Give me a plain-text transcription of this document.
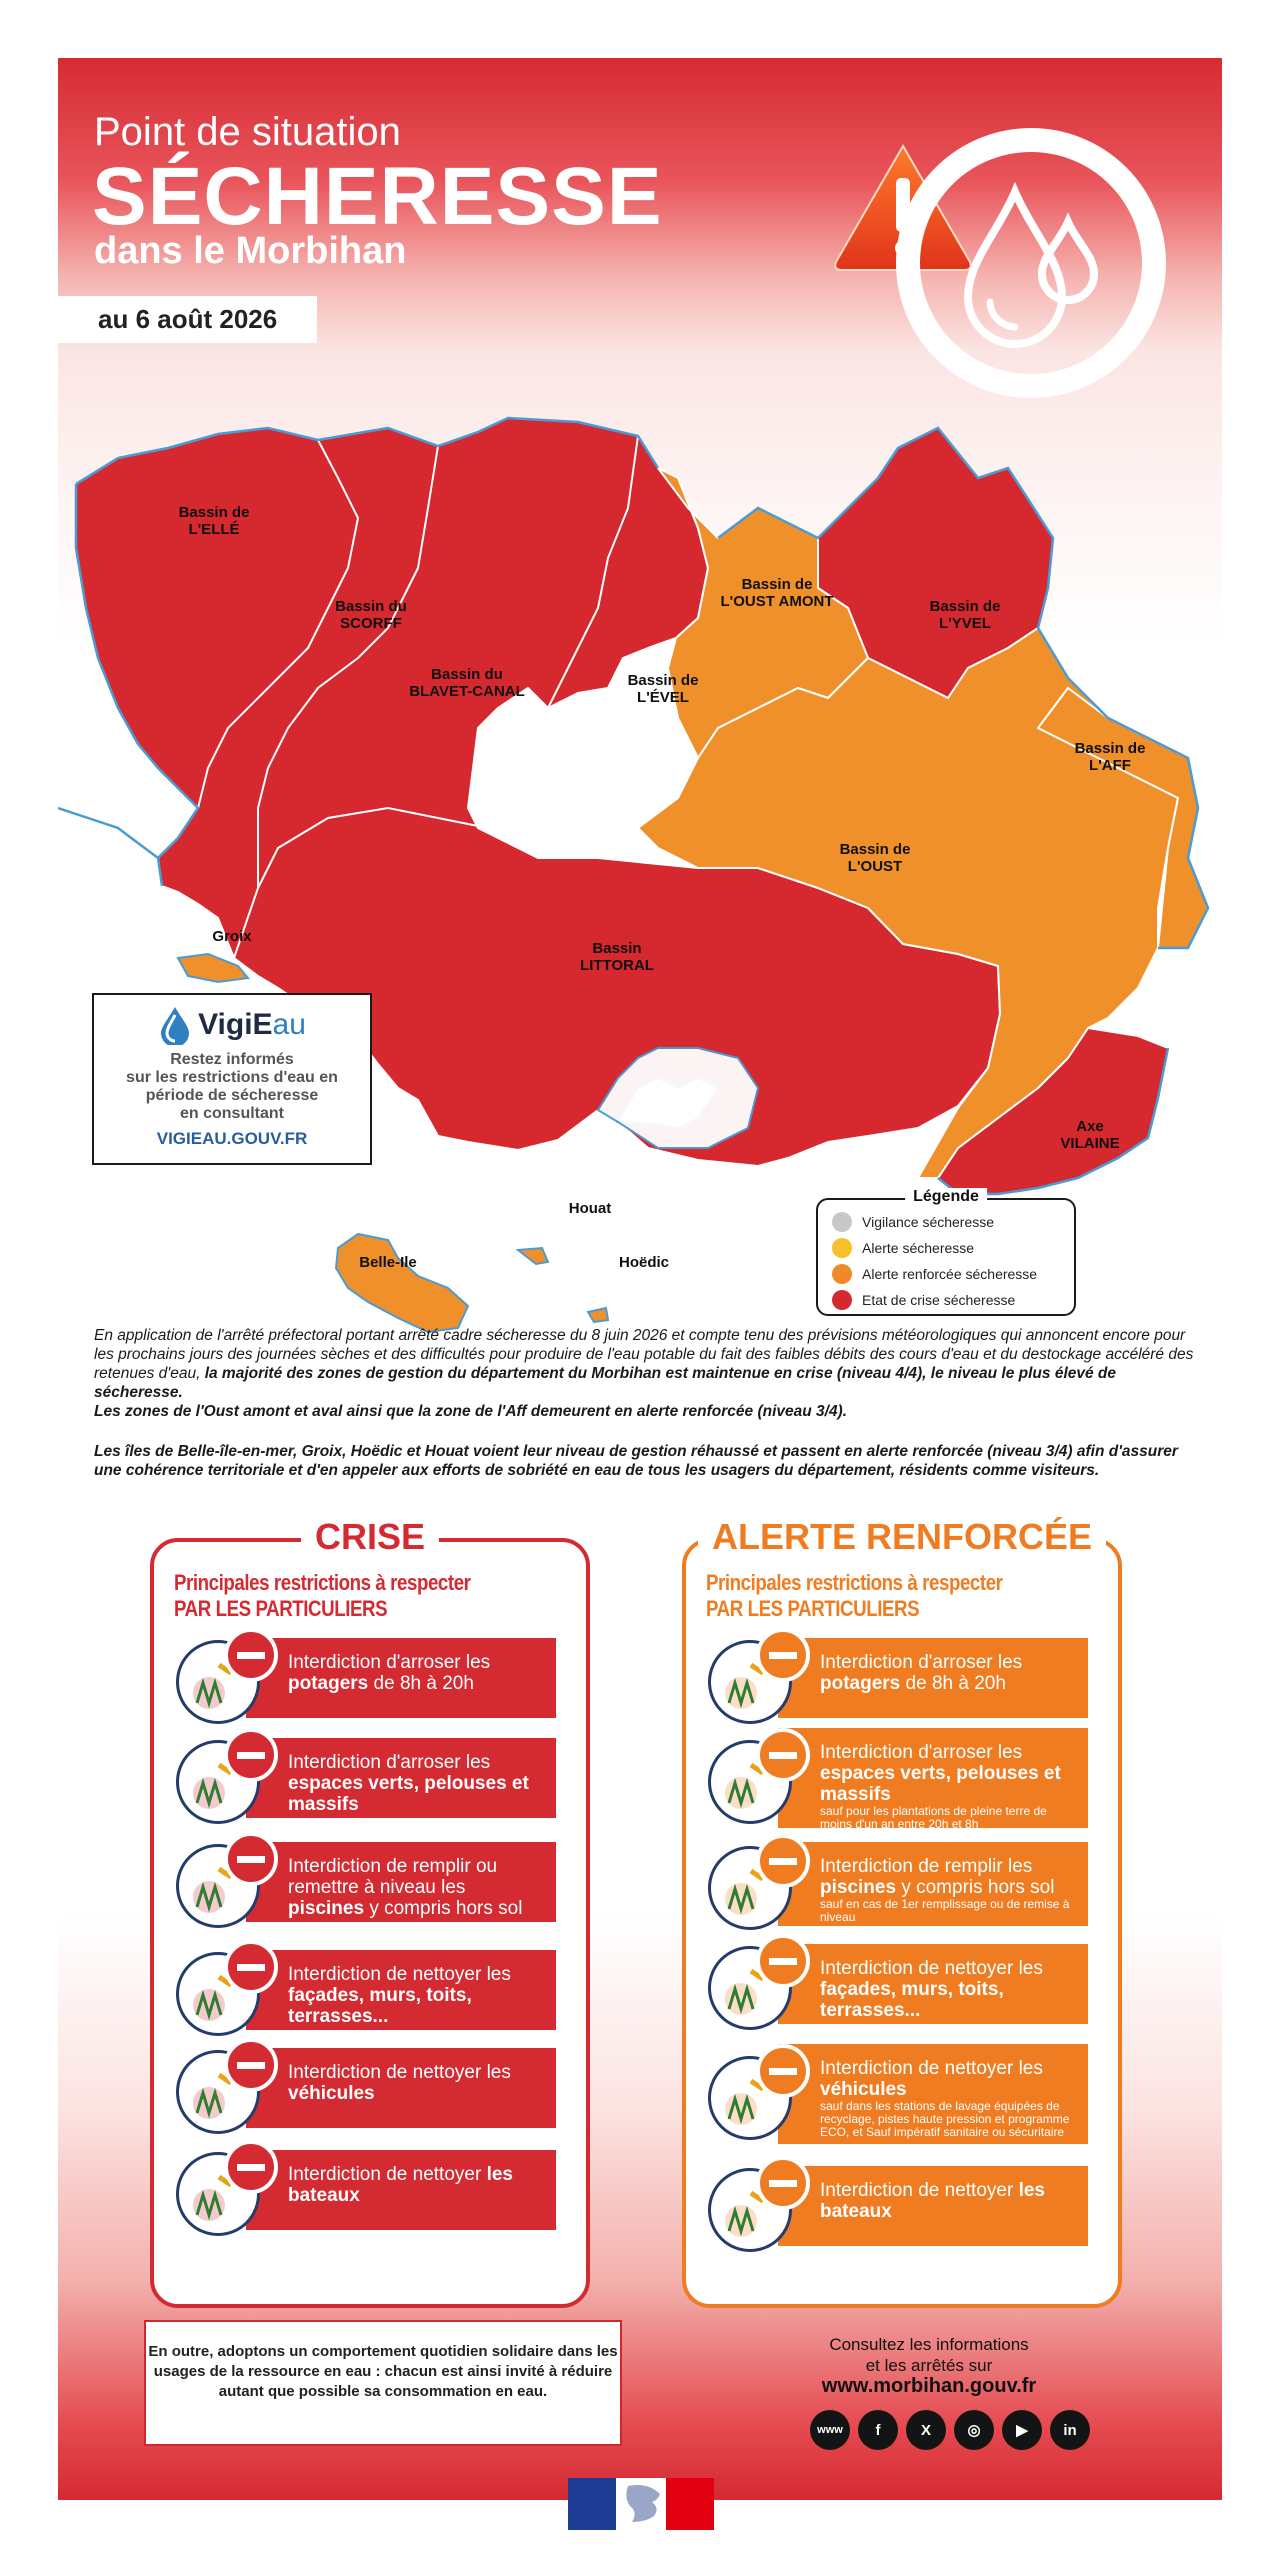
Point de situation
SÉCHERESSE
dans le Morbihan
au 6 août 2026
Bassin de
L'ELLÉ
Bassin du
SCORFF
Bassin du
BLAVET-CANAL
Bassin de
L'ÉVEL
Bassin de
L'OUST AMONT	Bassin de
L'YVEL
Bassin de
L'AFF
Bassin de
L'OUST
Bassin
LITTORAL
Axe
VILAINE
Groix
Belle-Ile
Houat
Hoëdic
VigiE au
Restez informés
sur les restrictions d'eau en
période de sécheresse
en consultant
VIGIEAU.GOUV.FR
Légende
Vigilance sécheresse
Alerte sécheresse
Alerte renforcée sécheresse
Etat de crise sécheresse
En application de l'arrêté préfectoral portant arrêté cadre sécheresse du 8 juin 2026 et compte tenu des prévisions météorologiques qui annoncent encore pour les prochains jours des journées sèches et des difficultés pour produire de l'eau potable du fait des faibles débits des cours d'eau et du destockage accéléré des retenues d'eau, la majorité des zones de gestion du département du Morbihan est maintenue en crise (niveau 4/4), le niveau le plus élevé de sécheresse.
Les zones de l'Oust amont et aval ainsi que la zone de l'Aff demeurent en alerte renforcée (niveau 3/4).
Les îles de Belle-île-en-mer, Groix, Hoëdic et Houat voient leur niveau de gestion réhaussé et passent en alerte renforcée (niveau 3/4) afin d'assurer une cohérence territoriale et d'en appeler aux efforts de sobriété en eau de tous les usagers du département, résidents comme visiteurs.
CRISE
Principales restrictions à respecter
PAR LES PARTICULIERS
Interdiction d'arroser les potagers de 8h à 20h
Interdiction d'arroser les espaces verts, pelouses et massifs
Interdiction de remplir ou remettre à niveau les piscines y compris hors sol
Interdiction de nettoyer les façades, murs, toits, terrasses...
Interdiction de nettoyer les véhicules
Interdiction de nettoyer les bateaux
ALERTE RENFORCÉE
Principales restrictions à respecter
PAR LES PARTICULIERS
Interdiction d'arroser les potagers de 8h à 20h
Interdiction d'arroser les espaces verts, pelouses et massifs
sauf pour les plantations de pleine terre de moins d'un an entre 20h et 8h
Interdiction de remplir les piscines y compris hors sol
sauf en cas de 1er remplissage ou de remise à niveau
Interdiction de nettoyer les façades, murs, toits, terrasses...
Interdiction de nettoyer les véhicules
sauf dans les stations de lavage équipées de recyclage, pistes haute pression et programme ECO, et Sauf impératif sanitaire ou sécuritaire
Interdiction de nettoyer les bateaux
En outre, adoptons un comportement quotidien solidaire dans les usages de la ressource en eau : chacun est ainsi invité à réduire autant que possible sa consommation en eau.
Consultez les informations
et les arrêtés sur
www.morbihan.gouv.fr
www f	X ◎ ▶ in
